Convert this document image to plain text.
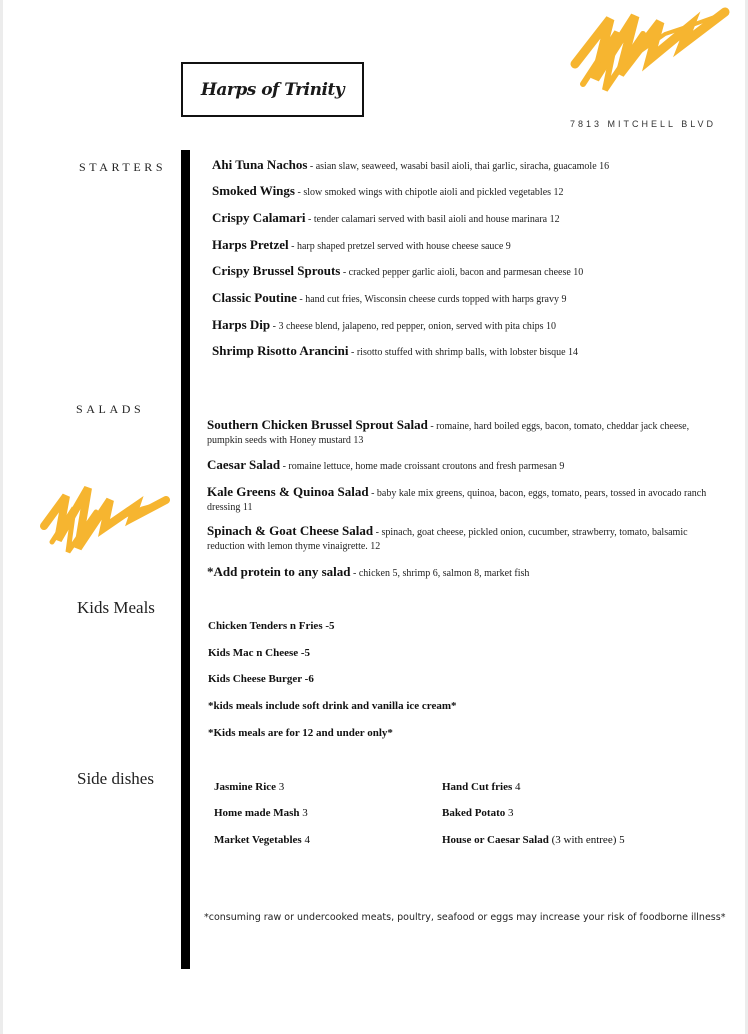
Harps of Trinity
7813 MITCHELL BLVD
STARTERS
SALADS
Kids Meals
Side dishes
Ahi Tuna Nachos - asian slaw, seaweed, wasabi basil aioli, thai garlic, siracha, guacamole 16
Smoked Wings - slow smoked wings with chipotle aioli and pickled vegetables 12
Crispy Calamari - tender calamari served with basil aioli and house marinara 12
Harps Pretzel - harp shaped pretzel served with house cheese sauce 9
Crispy Brussel Sprouts - cracked pepper garlic aioli, bacon and parmesan cheese 10
Classic Poutine - hand cut fries, Wisconsin cheese curds topped with harps gravy 9
Harps Dip - 3 cheese blend, jalapeno, red pepper, onion, served with pita chips 10
Shrimp Risotto Arancini - risotto stuffed with shrimp balls, with lobster bisque 14
Southern Chicken Brussel Sprout Salad - romaine, hard boiled eggs, bacon, tomato, cheddar jack cheese, pumpkin seeds with Honey mustard 13
Caesar Salad - romaine lettuce, home made croissant croutons and fresh parmesan 9
Kale Greens & Quinoa Salad - baby kale mix greens, quinoa, bacon, eggs, tomato, pears, tossed in avocado ranch dressing 11
Spinach & Goat Cheese Salad - spinach, goat cheese, pickled onion, cucumber, strawberry, tomato, balsamic reduction with lemon thyme vinaigrette. 12
*Add protein to any salad - chicken 5, shrimp 6, salmon 8, market fish
Chicken Tenders n Fries -5
Kids Mac n Cheese -5
Kids Cheese Burger -6
*kids meals include soft drink and vanilla ice cream*
*Kids meals are for 12 and under only*
Jasmine Rice 3	Hand Cut fries 4
Home made Mash 3	Baked Potato 3
Market Vegetables 4	House or Caesar Salad (3 with entree) 5
*consuming raw or undercooked meats, poultry, seafood or eggs may increase your risk of foodborne illness*
